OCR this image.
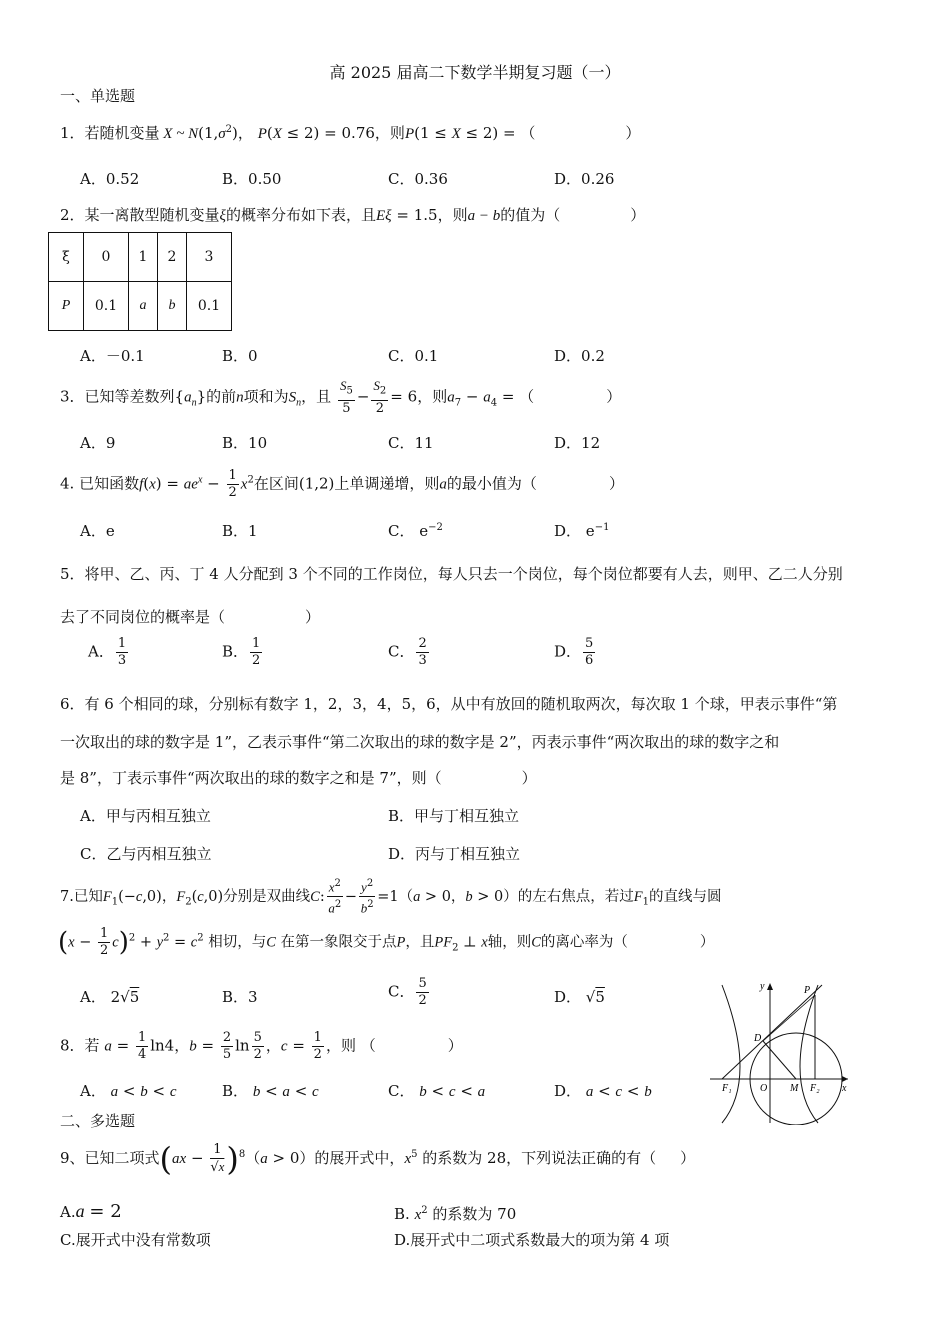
高 2025 届高二下数学半期复习题（一）
一、单选题
1．若随机变量 X ~ $N(1,\sigma^2)$， P(X ≤ 2) = 0.76，则P(1 ≤ X ≤ 2) = （	）
A．0.52	B．0.50	C．0.36	D．0.26
2．某一离散型随机变量ξ的概率分布如下表，且Eξ = 1.5，则a − b的值为（	）
ξ	0	1	2	3
P	0.1	a	b	0.1
A．－0.1	B．0	C．0.1	D．0.2
3．已知等差数列$\{a_n\}$的前n项和为$S_n$，且 $\frac{S_5}{5} - \frac{S_2}{2} = 6$，则$a_7 - a_4$ = （	）
A．9	B．10	C．11	D．12
4. 已知函数$f(x) = ae^x - \frac{1}{2} x^2$在区间(1,2)上单调递增，则a的最小值为（	）
A．e	B．1	C． $e^{-2}$	D． $e^{-1}$
5．将甲、乙、丙、丁 4 人分配到 3 个不同的工作岗位，每人只去一个岗位，每个岗位都要有人去，则甲、乙二人分别
去了不同岗位的概率是（	）
A． $\frac{1}{3}$	B． $\frac{1}{2}$	C． $\frac{2}{3}$	D． $\frac{5}{6}$
6．有 6 个相同的球，分别标有数字 1，2，3，4，5，6，从中有放回的随机取两次，每次取 1 个球，甲表示事件“第
一次取出的球的数字是 1”，乙表示事件“第二次取出的球的数字是 2”，丙表示事件“两次取出的球的数字之和
是 8”，丁表示事件“两次取出的球的数字之和是 7”，则（	）
A．甲与丙相互独立	B．甲与丁相互独立
C．乙与丙相互独立	D．丙与丁相互独立
7.已知$F_1(-c,0)$，$F_2(c,0)$分别是双曲线C: $\frac{x^2}{a^2} - \frac{y^2}{b^2} =1(a > 0$，b > 0）的左右焦点，若过$F_1$的直线与圆
$(x - \frac{1}{2} c)^2 + y^2 = c^2$ 相切，与C 在第一象限交于点P，且$PF_2$ ⊥ x轴，则C的离心率为（	）
A． 2√5	B．3	C． $\frac{5}{2}$	D． √5
8．若 $a = \frac{1}{4} \ln 4$，$b = \frac{2}{5}$ $\ln \frac{5}{2}$ ，$c = \frac{1}{2}$ ，则 （	）
A． a < b < c	B． b < a < c	C． b < c < a	D． a < c < b
二、多选题
9、已知二项式$(ax - \frac{1}{√x} )^8(a > 0)$的展开式中，$x^5$ 的系数为 28，下列说法正确的有（ ）
A.a = 2	B. $x^2$ 的系数为 70
C.展开式中没有常数项	D.展开式中二项式系数最大的项为第 4 项
y	P
D
F₁	O M F₂ x
